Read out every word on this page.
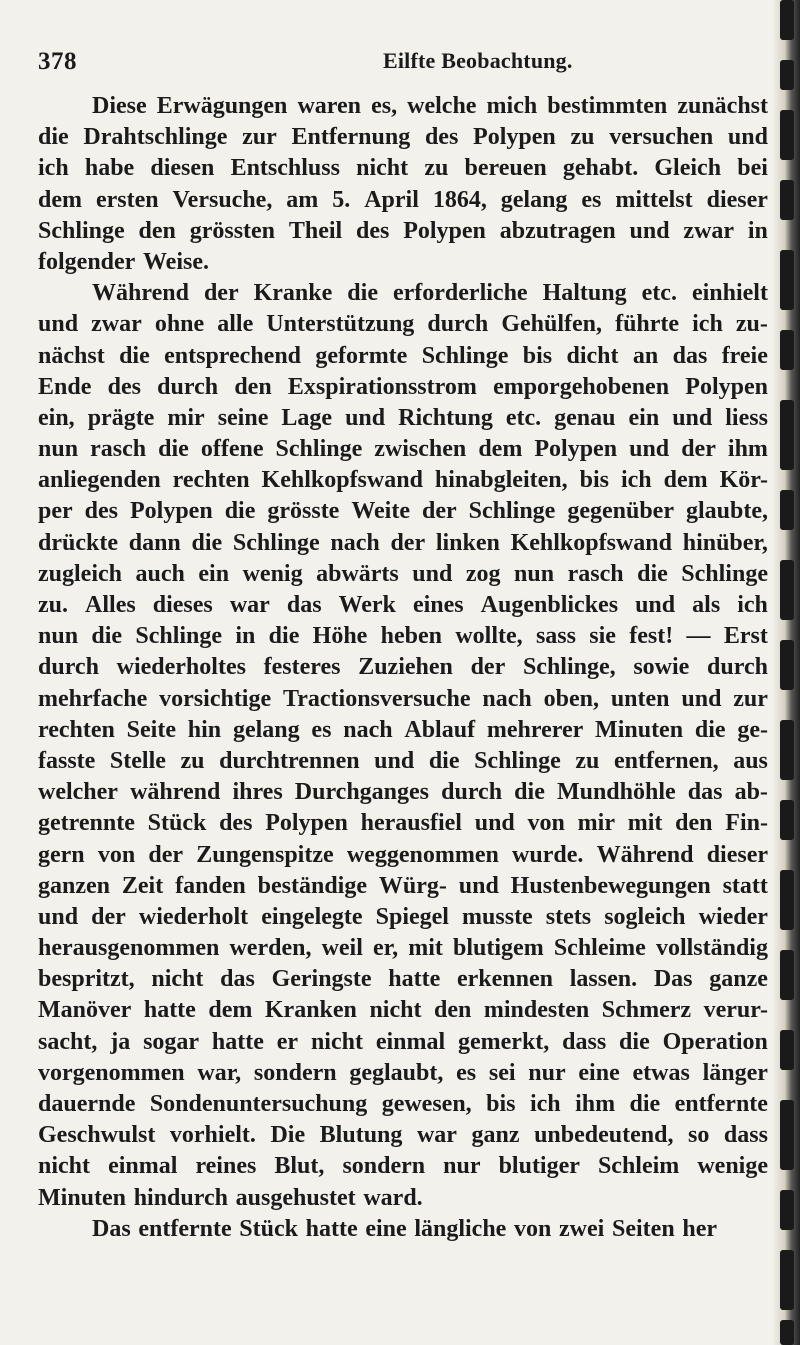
378	Eilfte Beobachtung.
Diese Erwägungen waren es, welche mich bestimmten zunächst
die Drahtschlinge zur Entfernung des Polypen zu versuchen und
ich habe diesen Entschluss nicht zu bereuen gehabt. Gleich bei
dem ersten Versuche, am 5. April 1864, gelang es mittelst dieser
Schlinge den grössten Theil des Polypen abzutragen und zwar in
folgender Weise.
Während der Kranke die erforderliche Haltung etc. einhielt
und zwar ohne alle Unterstützung durch Gehülfen, führte ich zu-
nächst die entsprechend geformte Schlinge bis dicht an das freie
Ende des durch den Exspirationsstrom emporgehobenen Polypen
ein, prägte mir seine Lage und Richtung etc. genau ein und liess
nun rasch die offene Schlinge zwischen dem Polypen und der ihm
anliegenden rechten Kehlkopfswand hinabgleiten, bis ich dem Kör-
per des Polypen die grösste Weite der Schlinge gegenüber glaubte,
drückte dann die Schlinge nach der linken Kehlkopfswand hinüber,
zugleich auch ein wenig abwärts und zog nun rasch die Schlinge
zu. Alles dieses war das Werk eines Augenblickes und als ich
nun die Schlinge in die Höhe heben wollte, sass sie fest! — Erst
durch wiederholtes festeres Zuziehen der Schlinge, sowie durch
mehrfache vorsichtige Tractionsversuche nach oben, unten und zur
rechten Seite hin gelang es nach Ablauf mehrerer Minuten die ge-
fasste Stelle zu durchtrennen und die Schlinge zu entfernen, aus
welcher während ihres Durchganges durch die Mundhöhle das ab-
getrennte Stück des Polypen herausfiel und von mir mit den Fin-
gern von der Zungenspitze weggenommen wurde. Während dieser
ganzen Zeit fanden beständige Würg- und Hustenbewegungen statt
und der wiederholt eingelegte Spiegel musste stets sogleich wieder
herausgenommen werden, weil er, mit blutigem Schleime vollständig
bespritzt, nicht das Geringste hatte erkennen lassen. Das ganze
Manöver hatte dem Kranken nicht den mindesten Schmerz verur-
sacht, ja sogar hatte er nicht einmal gemerkt, dass die Operation
vorgenommen war, sondern geglaubt, es sei nur eine etwas länger
dauernde Sondenuntersuchung gewesen, bis ich ihm die entfernte
Geschwulst vorhielt. Die Blutung war ganz unbedeutend, so dass
nicht einmal reines Blut, sondern nur blutiger Schleim wenige
Minuten hindurch ausgehustet ward.
Das entfernte Stück hatte eine längliche von zwei Seiten her
